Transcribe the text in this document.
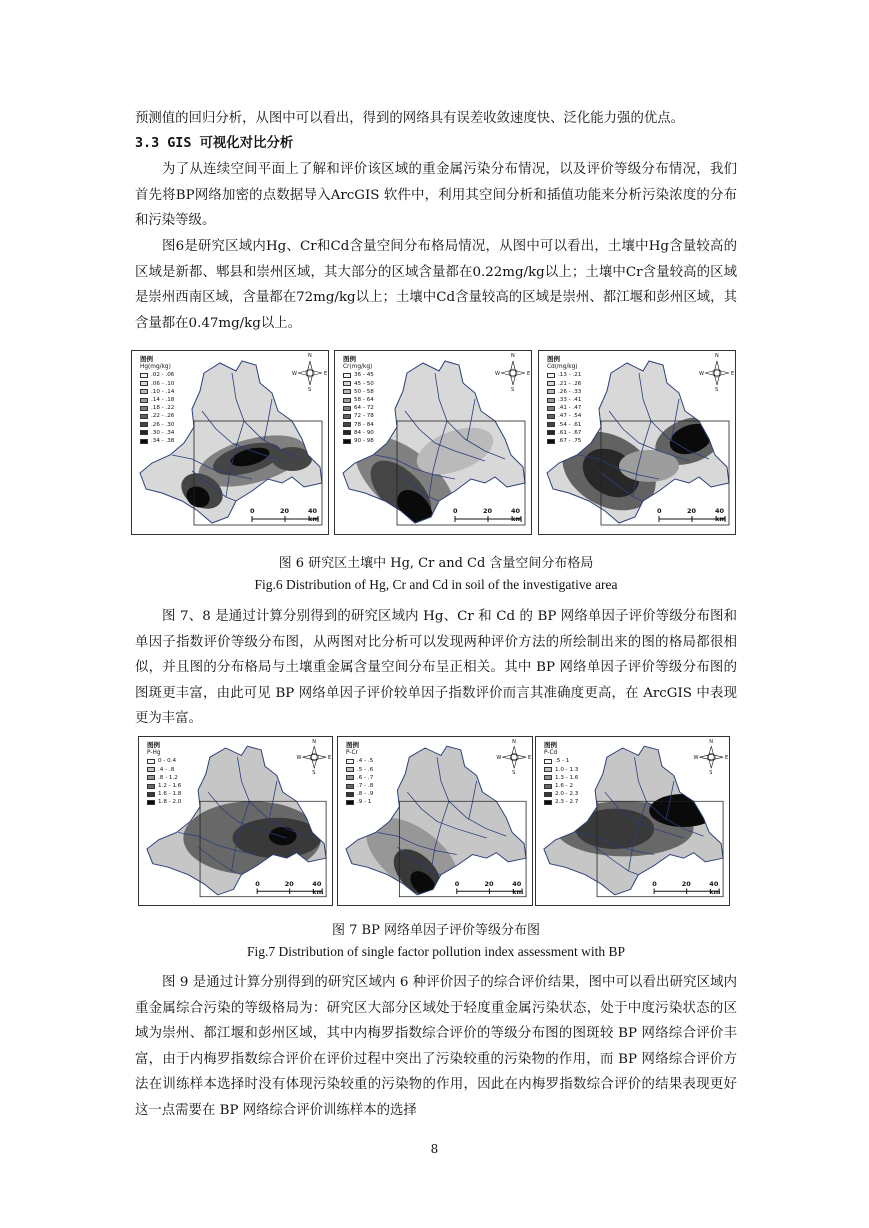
预测值的回归分析，从图中可以看出，得到的网络具有误差收敛速度快、泛化能力强的优点。

3.3 GIS 可视化对比分析

为了从连续空间平面上了解和评价该区域的重金属污染分布情况，以及评价等级分布情况，我们首先将BP网络加密的点数据导入ArcGIS 软件中，利用其空间分析和插值功能来分析污染浓度的分布和污染等级。

图6是研究区域内Hg、Cr和Cd含量空间分布格局情况，从图中可以看出，土壤中Hg含量较高的区域是新都、郫县和崇州区域，其大部分的区域含量都在0.22mg/kg以上；土壤中Cr含量较高的区域是崇州西南区域，含量都在72mg/kg以上；土壤中Cd含量较高的区域是崇州、都江堰和彭州区域，其含量都在0.47mg/kg以上。

N
S
W	E
0	20	40 km
图例
Hg(mg/kg)
.02 - .06
.06 - .10
.10 - .14
.14 - .18
.18 - .22
.22 - .26
.26 - .30
.30 - .34
.34 - .38
N
S
W	E
0	20	40 km
图例
Cr(mg/kg)
36 - 45
45 - 50
50 - 58
58 - 64
64 - 72
72 - 78
78 - 84
84 - 90
90 - 98
N
S
W	E
0	20	40 km
图例
Cd(mg/kg)
.13 - .21
.21 - .26
.26 - .33
.33 - .41
.41 - .47
.47 - .54
.54 - .61
.61 - .67
.67 - .75

图 6 研究区土壤中 Hg, Cr and Cd 含量空间分布格局

Fig.6 Distribution of Hg, Cr and Cd in soil of the investigative area

图 7、8 是通过计算分别得到的研究区域内 Hg、Cr 和 Cd 的 BP 网络单因子评价等级分布图和单因子指数评价等级分布图，从两图对比分析可以发现两种评价方法的所绘制出来的图的格局都很相似，并且图的分布格局与土壤重金属含量空间分布呈正相关。其中 BP 网络单因子评价等级分布图的图斑更丰富，由此可见 BP 网络单因子评价较单因子指数评价而言其准确度更高，在 ArcGIS 中表现更为丰富。

N
S
W	E
0	20	40 km
图例
P-Hg
0 - 0.4
.4 - .8
.8 - 1.2
1.2 - 1.6
1.6 - 1.8
1.8 - 2.0
N
S
W	E
0	20	40 km
图例
P-Cr
.4 - .5
.5 - .6
.6 - .7
.7 - .8
.8 - .9
.9 - 1
N
S
W	E
0	20	40 km
图例
P-Cd
.5 - 1
1.0 - 1.3
1.3 - 1.6
1.6 - 2
2.0 - 2.3
2.3 - 2.7

图 7 BP 网络单因子评价等级分布图

Fig.7 Distribution of single factor pollution index assessment with BP

图 9 是通过计算分别得到的研究区域内 6 种评价因子的综合评价结果，图中可以看出研究区域内重金属综合污染的等级格局为：研究区大部分区域处于轻度重金属污染状态，处于中度污染状态的区域为崇州、都江堰和彭州区域，其中内梅罗指数综合评价的等级分布图的图斑较 BP 网络综合评价丰富，由于内梅罗指数综合评价在评价过程中突出了污染较重的污染物的作用，而 BP 网络综合评价方法在训练样本选择时没有体现污染较重的污染物的作用，因此在内梅罗指数综合评价的结果表现更好这一点需要在 BP 网络综合评价训练样本的选择

8
